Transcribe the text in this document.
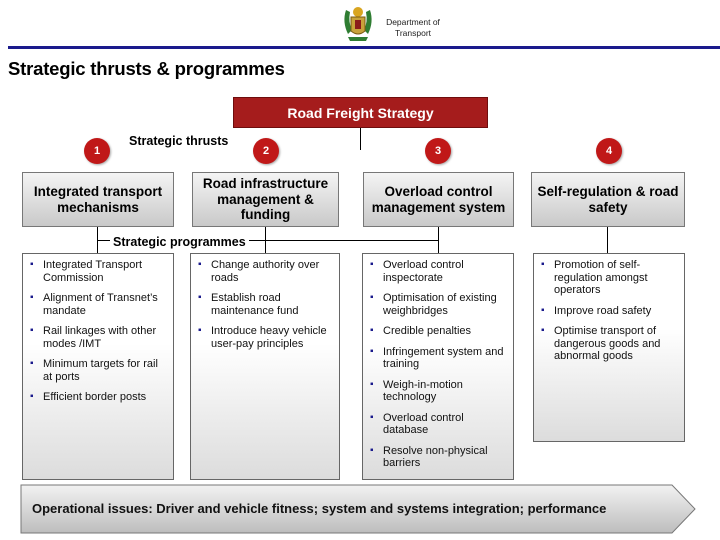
Department of
Transport
Strategic thrusts & programmes
Road Freight Strategy
Strategic thrusts
Strategic programmes
1	2	3	4
Integrated transport mechanisms
Road infrastructure management & funding
Overload control management system
Self-regulation & road safety
▪ Integrated Transport Commission
▪ Alignment of Transnet’s mandate
▪ Rail linkages with other modes /IMT
▪ Minimum targets for rail at ports
▪ Efficient border posts
▪ Change authority over roads
▪ Establish road maintenance fund
▪ Introduce heavy vehicle user-pay principles
▪ Overload control inspectorate
▪ Optimisation of existing weighbridges
▪ Credible penalties
▪ Infringement system and training
▪ Weigh-in-motion technology
▪ Overload control database
▪ Resolve non-physical barriers
▪ Promotion of self-regulation amongst operators
▪ Improve road safety
▪ Optimise transport of dangerous goods and abnormal goods
Operational issues: Driver and vehicle fitness; system and systems integration; performance
